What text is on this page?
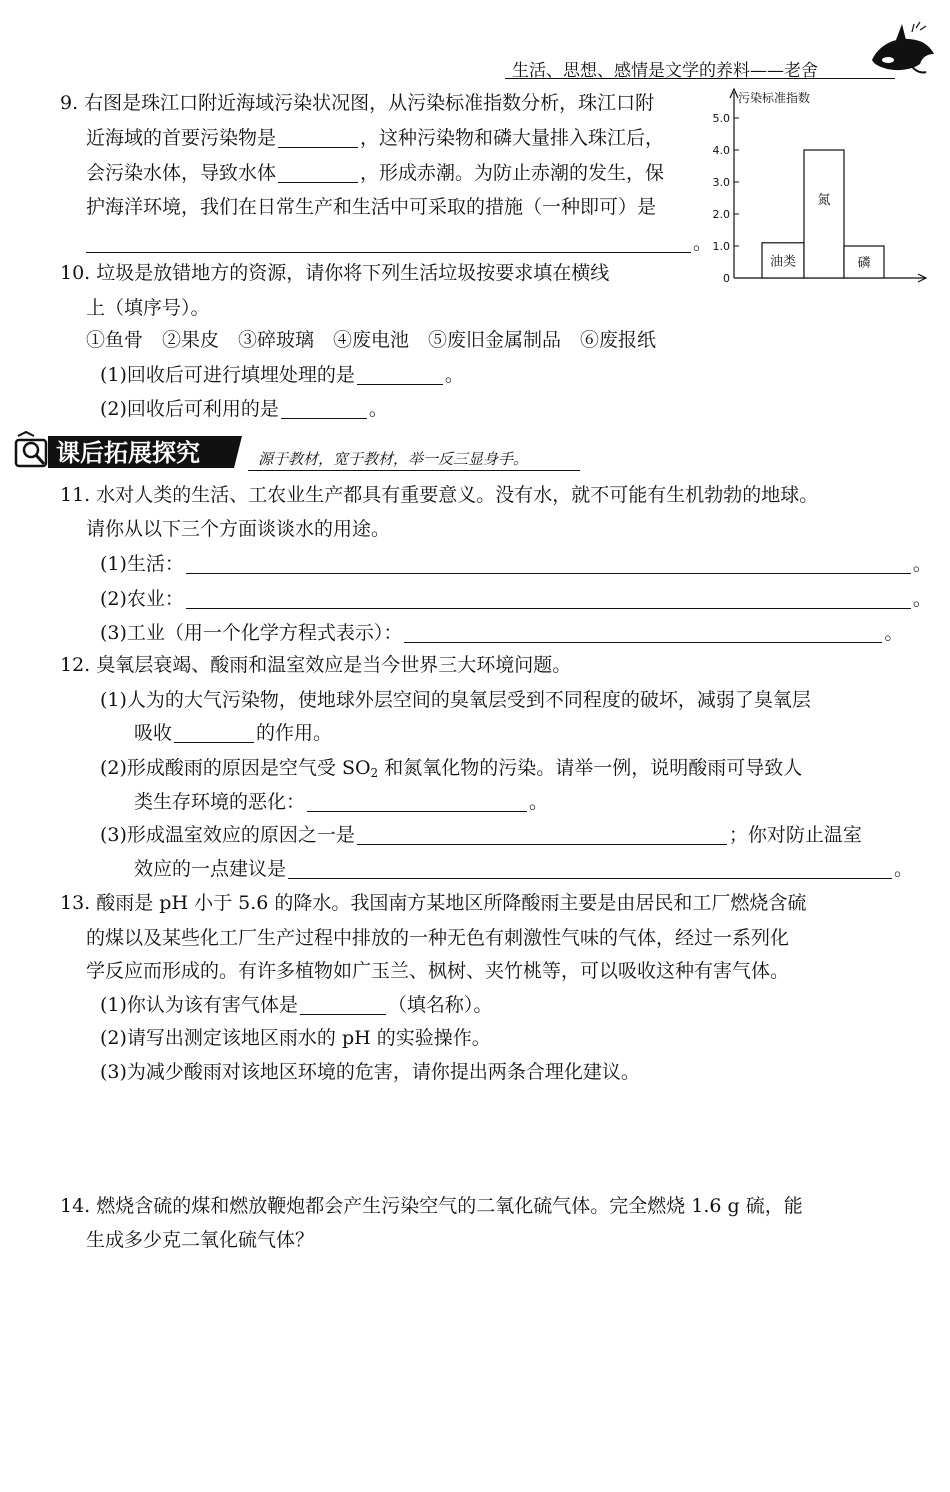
生活、思想、感情是文学的养料——老舍
9. 右图是珠江口附近海域污染状况图，从污染标准指数分析，珠江口附
近海域的首要污染物是	，这种污染物和磷大量排入珠江后，
会污染水体，导致水体	，形成赤潮。为防止赤潮的发生，保
护海洋环境，我们在日常生产和生活中可采取的措施（一种即可）是
。
污染标准指数
0
1.0
2.0
3.0
4.0
5.0
油类
氮
磷
10. 垃圾是放错地方的资源，请你将下列生活垃圾按要求填在横线
上（填序号）。
①鱼骨　②果皮　③碎玻璃　④废电池　⑤废旧金属制品　⑥废报纸
(1)回收后可进行填埋处理的是	。
(2)回收后可利用的是	。
课后拓展探究	源于教材，宽于教材，举一反三显身手。
11. 水对人类的生活、工农业生产都具有重要意义。没有水，就不可能有生机勃勃的地球。
请你从以下三个方面谈谈水的用途。
(1)生活：	。
(2)农业：	。
(3)工业（用一个化学方程式表示）：	。
12. 臭氧层衰竭、酸雨和温室效应是当今世界三大环境问题。
(1)人为的大气污染物，使地球外层空间的臭氧层受到不同程度的破坏，减弱了臭氧层
吸收	的作用。
(2)形成酸雨的原因是空气受 $SO_2$ 和氮氧化物的污染。请举一例，说明酸雨可导致人
类生存环境的恶化：	。
(3)形成温室效应的原因之一是	；你对防止温室
效应的一点建议是	。
13. 酸雨是 pH 小于 5.6 的降水。我国南方某地区所降酸雨主要是由居民和工厂燃烧含硫
的煤以及某些化工厂生产过程中排放的一种无色有刺激性气味的气体，经过一系列化
学反应而形成的。有许多植物如广玉兰、枫树、夹竹桃等，可以吸收这种有害气体。
(1)你认为该有害气体是	（填名称）。
(2)请写出测定该地区雨水的 pH 的实验操作。
(3)为减少酸雨对该地区环境的危害，请你提出两条合理化建议。
14. 燃烧含硫的煤和燃放鞭炮都会产生污染空气的二氧化硫气体。完全燃烧 1.6 g 硫，能
生成多少克二氧化硫气体？
